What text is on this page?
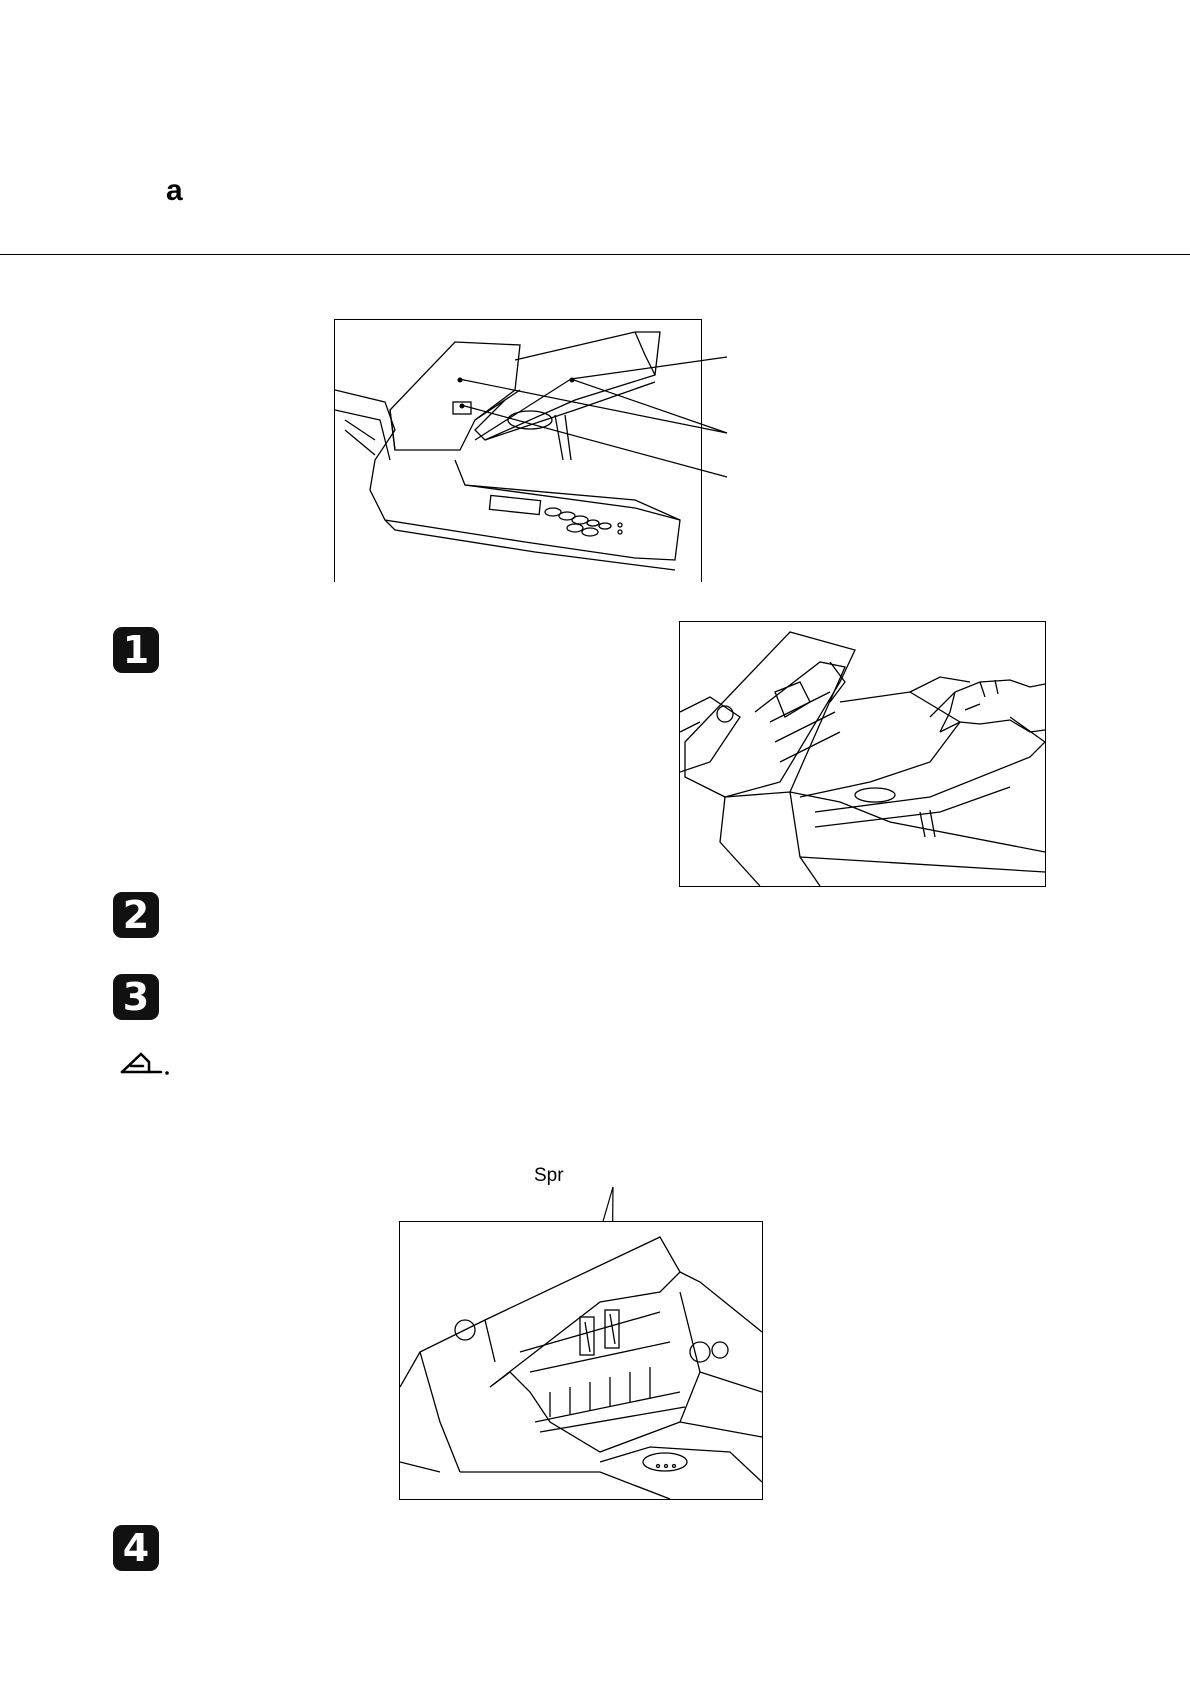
a
1
2
3
Spr
4
